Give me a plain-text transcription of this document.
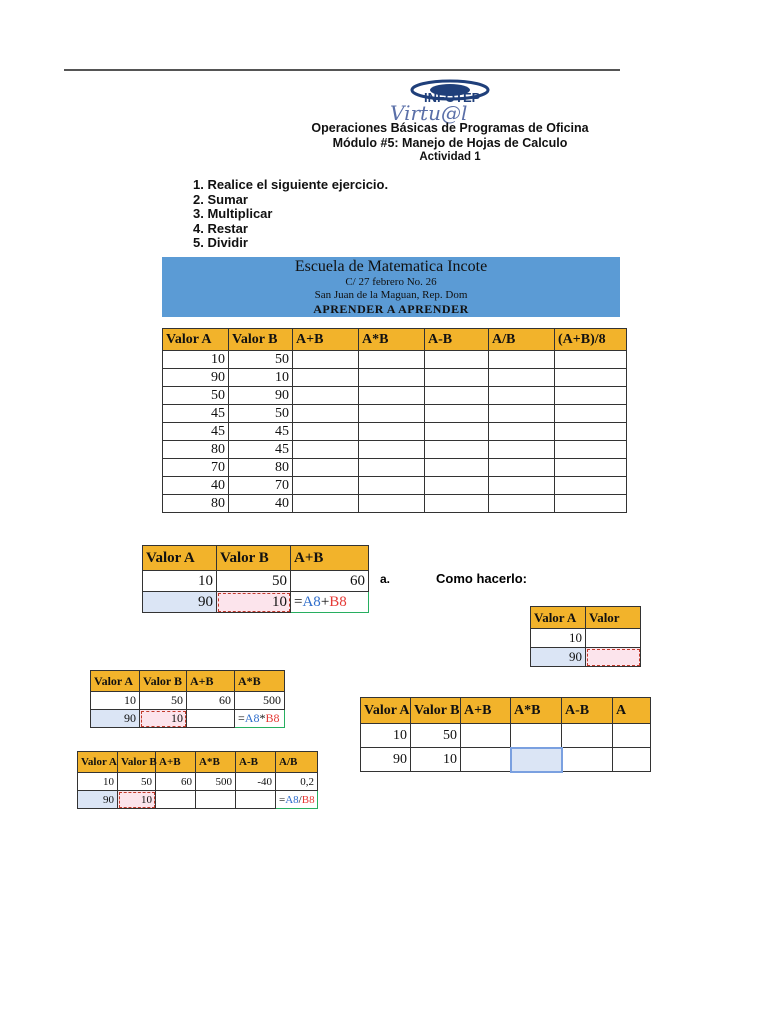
INFOTEP
Virtu@l
Operaciones Básicas de Programas de Oficina
Módulo #5: Manejo de Hojas de Calculo
Actividad 1
1. Realice el siguiente ejercicio.
2. Sumar
3. Multiplicar
4. Restar
5. Dividir
Escuela de Matematica Incote
C/ 27 febrero No. 26
San Juan de la Maguan, Rep. Dom
APRENDER A APRENDER
Valor A	Valor B	A+B	A*B	A-B	A/B	(A+B)/8
10	50					
90	10					
50	90					
45	50					
45	45					
80	45					
70	80					
40	70					
80	40					
Valor A	Valor B	A+B
10	50	60
90	10	=A8+B8
a.	Como hacerlo:
Valor A	Valor
10	
90	
Valor A	Valor B	A+B	A*B
10	50	60	500
90	10		=A8*B8
Valor A	Valor B	A+B	A*B	A-B	A
10	50				
90	10				
Valor A	Valor B	A+B	A*B	A-B	A/B
10	50	60	500	-40	0,2
90	10				=A8/B8
